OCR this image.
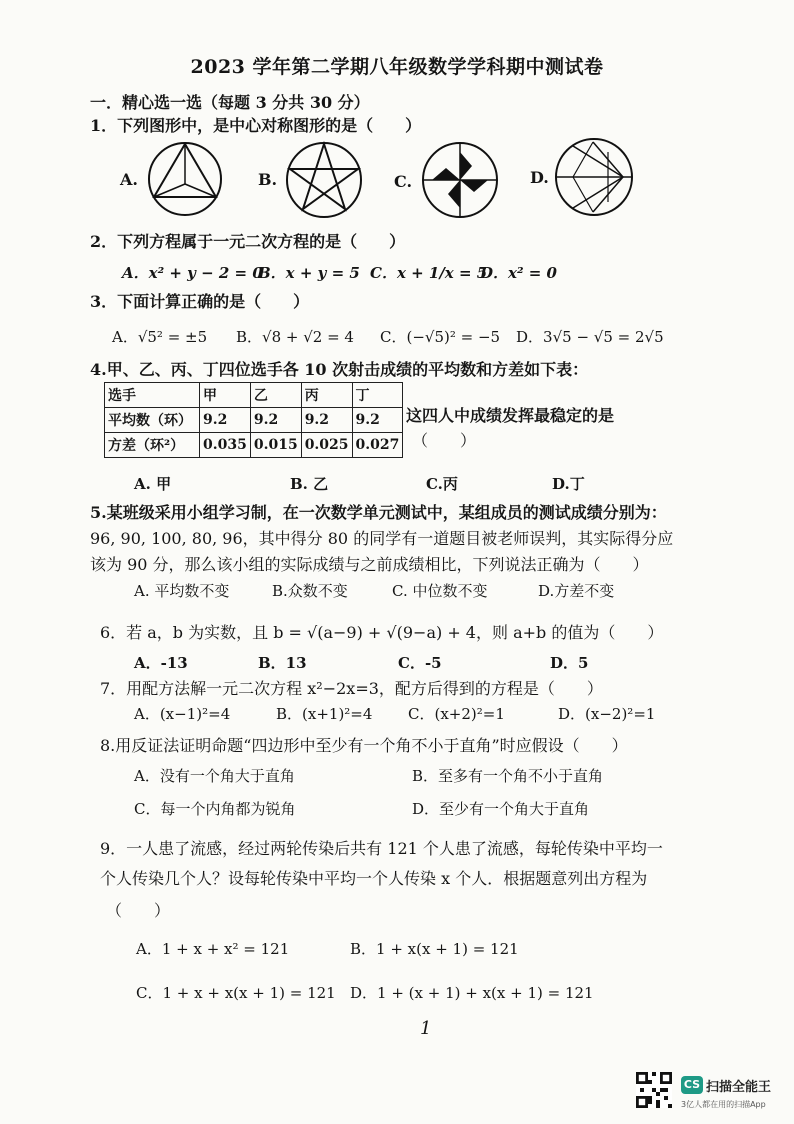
2023 学年第二学期八年级数学学科期中测试卷
一．精心选一选（每题 3 分共 30 分）
1．下列图形中，是中心对称图形的是（　　）
A.	B.	C.	D.
2．下列方程属于一元二次方程的是（　　）
A．x² + y − 2 = 0
B．x + y = 5 C．x + 1/x = 5
D．x² = 0
3．下面计算正确的是（　　）
A．√5² = ±5 B．√8 + √2 = 4 C．(−√5)² = −5 D．3√5 − √5 = 2√5
4.甲、乙、丙、丁四位选手各 10 次射击成绩的平均数和方差如下表：
选手	甲	乙	丙	丁
平均数（环）	9.2	9.2	9.2	9.2
方差（环²）	0.035	0.015	0.025	0.027
这四人中成绩发挥最稳定的是
（　　）
A. 甲	B. 乙	C.丙	D.丁
5.某班级采用小组学习制，在一次数学单元测试中，某组成员的测试成绩分别为：
96, 90, 100, 80, 96，其中得分 80 的同学有一道题目被老师误判，其实际得分应
该为 90 分，那么该小组的实际成绩与之前成绩相比，下列说法正确为（　　）
A. 平均数不变	B.众数不变	C. 中位数不变	D.方差不变
6．若 a，b 为实数，且 b = √(a−9) + √(9−a) + 4，则 a+b 的值为（　　）
A．-13	B．13	C．-5	D．5
7．用配方法解一元二次方程 x²−2x=3，配方后得到的方程是（　　）
A．(x−1)²=4	B．(x+1)²=4 C．(x+2)²=1	D．(x−2)²=1
8.用反证法证明命题“四边形中至少有一个角不小于直角”时应假设（　　）
A．没有一个角大于直角	B．至多有一个角不小于直角
C．每一个内角都为锐角	D．至少有一个角大于直角
9．一人患了流感，经过两轮传染后共有 121 个人患了流感，每轮传染中平均一
个人传染几个人？设每轮传染中平均一个人传染 x 个人．根据题意列出方程为
（　　）
A．1 + x + x² = 121	B．1 + x(x + 1) = 121
C．1 + x + x(x + 1) = 121 D．1 + (x + 1) + x(x + 1) = 121
1
CS 扫描全能王
3亿人都在用的扫描App
